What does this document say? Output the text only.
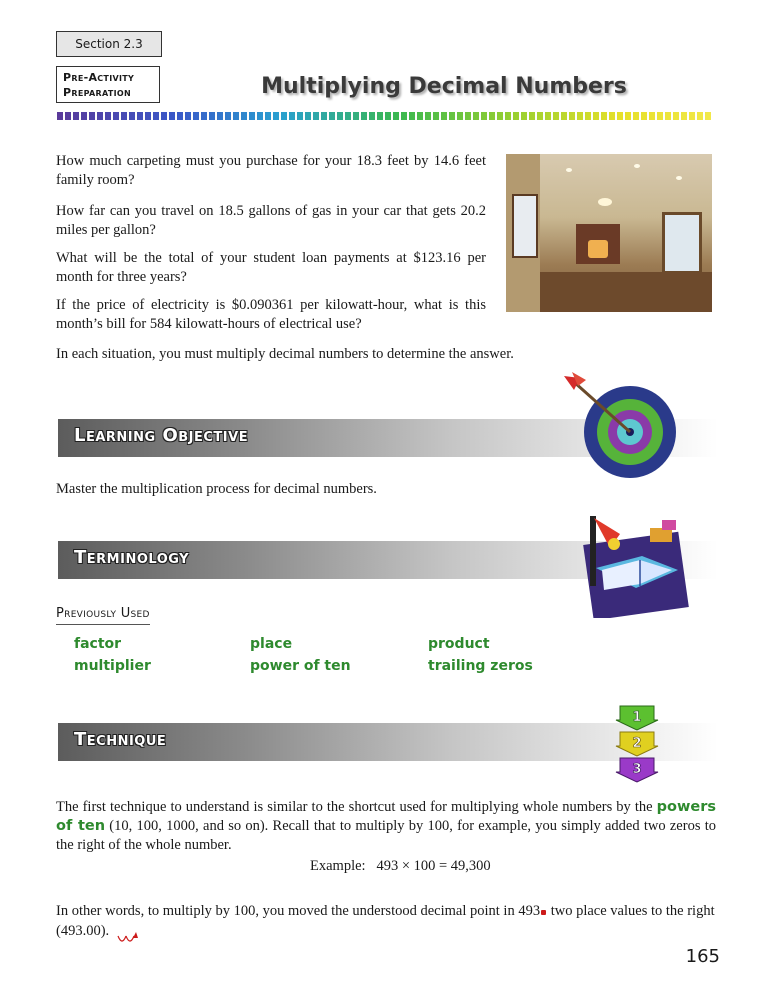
Section 2.3
Pre-Activity
Preparation	Multiplying Decimal Numbers
How much carpeting must you purchase for your 18.3 feet by 14.6 feet family room?
How far can you travel on 18.5 gallons of gas in your car that gets 20.2 miles per gallon?
What will be the total of your student loan payments at $123.16 per month for three years?
If the price of electricity is $0.090361 per kilowatt-hour, what is this month’s bill for 584 kilowatt-hours of electrical use?
In each situation, you must multiply decimal numbers to determine the answer.
Learning Objective
Master the multiplication process for decimal numbers.
Terminology
Previously Used
factor	place	product
multiplier	power of ten	trailing zeros
Technique
1
2
3
The first technique to understand is similar to the shortcut used for multiplying whole numbers by the powers of ten (10, 100, 1000, and so on). Recall that to multiply by 100, for example, you simply added two zeros to the right of the whole number.
Example: 493 × 100 = 49,300
In other words, to multiply by 100, you moved the understood decimal point in 493 two place values to the right (493.00).
165
